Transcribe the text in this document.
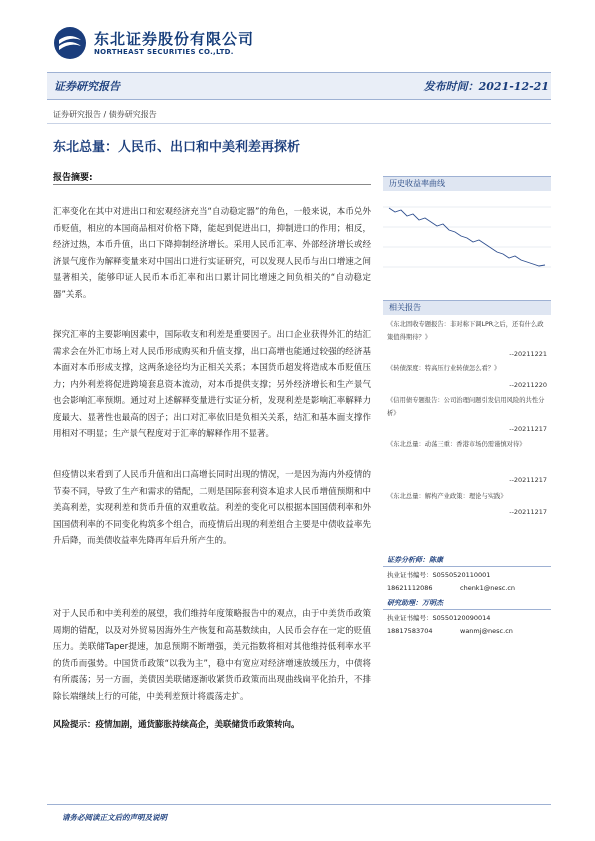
东北证券股份有限公司
NORTHEAST SECURITIES CO.,LTD.
证券研究报告	发布时间：2021-12-21
证券研究报告 / 债券研究报告
东北总量：人民币、出口和中美利差再探析
报告摘要:
汇率变化在其中对进出口和宏观经济充当“自动稳定器”的角色，一般来说，本币兑外币贬值，相应的本国商品相对价格下降，能起到促进出口，抑制进口的作用；相反，经济过热，本币升值，出口下降抑制经济增长。采用人民币汇率、外部经济增长或经济景气度作为解释变量来对中国出口进行实证研究，可以发现人民币与出口增速之间显著相关，能够印证人民币本币汇率和出口累计同比增速之间负相关的“自动稳定器”关系。
探究汇率的主要影响因素中，国际收支和利差是重要因子。出口企业获得外汇的结汇需求会在外汇市场上对人民币形成购买和升值支撑，出口高增也能通过较强的经济基本面对本币形成支撑，这两条途径均为正相关关系；本国货币超发将造成本币贬值压力；内外利差将促进跨境套息资本流动，对本币提供支撑；另外经济增长和生产景气也会影响汇率预期。通过对上述解释变量进行实证分析，发现利差是影响汇率解释力度最大、显著性也最高的因子；出口对汇率依旧是负相关关系，结汇和基本面支撑作用相对不明显；生产景气程度对于汇率的解释作用不显著。
但疫情以来看到了人民币升值和出口高增长同时出现的情况，一是因为海内外疫情的节奏不同，导致了生产和需求的错配，二则是国际套利资本追求人民币增值预期和中美高利差，实现利差和货币升值的双重收益。利差的变化可以根据本国国债利率和外国国债利率的不同变化构筑多个组合，而疫情后出现的利差组合主要是中债收益率先升后降，而美债收益率先降再年后升所产生的。
对于人民币和中美利差的展望，我们维持年度策略报告中的观点，由于中美货币政策周期的错配，以及对外贸易因海外生产恢复和高基数续由，人民币会存在一定的贬值压力。美联储Taper提速，加息预期不断增强，美元指数将相对其他维持低利率水平的货币而强势。中国货币政策“以我为主”，稳中有宽应对经济增速放缓压力，中债将有所震荡；另一方面，美债因美联储逐渐收紧货币政策而出现曲线扁平化抬升，不排除长端继续上行的可能，中美利差预计将震荡走扩。
风险提示：疫情加剧，通货膨胀持续高企，美联储货币政策转向。
请务必阅读正文后的声明及说明
历史收益率曲线
相关报告
《东北固收专题报告：非对称下调LPR之后，还有什么政策值得期待？》
--20211221
《转债深度：特高压行业转债怎么看？》
--20211220
《信用债专题报告：公司治理问题引发信用风险的共性分析》
--20211217
《东北总量：动荡三重：香港市场仍需谨慎对待》
--20211217
《东北总量：解构产业政策：理论与实践》
--20211217
证券分析师：陈康
执业证书编号：S0550520110001
18621112086	chenk1@nesc.cn
研究助理：万明杰
执业证书编号：S0550120090014
18817583704	wanmj@nesc.cn
